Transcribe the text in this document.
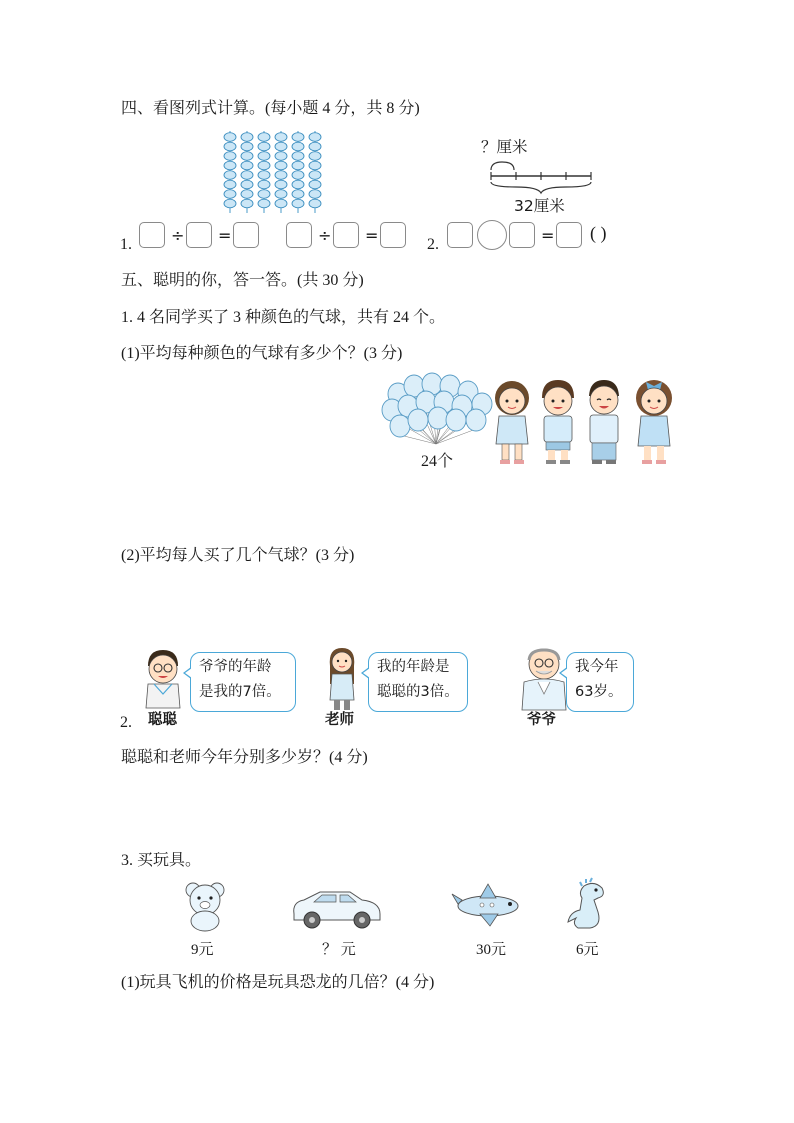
四、看图列式计算。(每小题 4 分，共 8 分)
？厘米
32厘米
1. ÷ =	÷ =	2.	= ( )
五、聪明的你，答一答。(共 30 分)
1. 4 名同学买了 3 种颜色的气球，共有 24 个。
(1)平均每种颜色的气球有多少个？(3 分)
24个
(2)平均每人买了几个气球？(3 分)
2. 聪聪
爷爷的年龄
是我的7倍。
老师
我的年龄是
聪聪的3倍。
爷爷
我今年
63岁。
聪聪和老师今年分别多少岁？(4 分)
3. 买玩具。
9元	？ 元	30元	6元
(1)玩具飞机的价格是玩具恐龙的几倍？(4 分)
